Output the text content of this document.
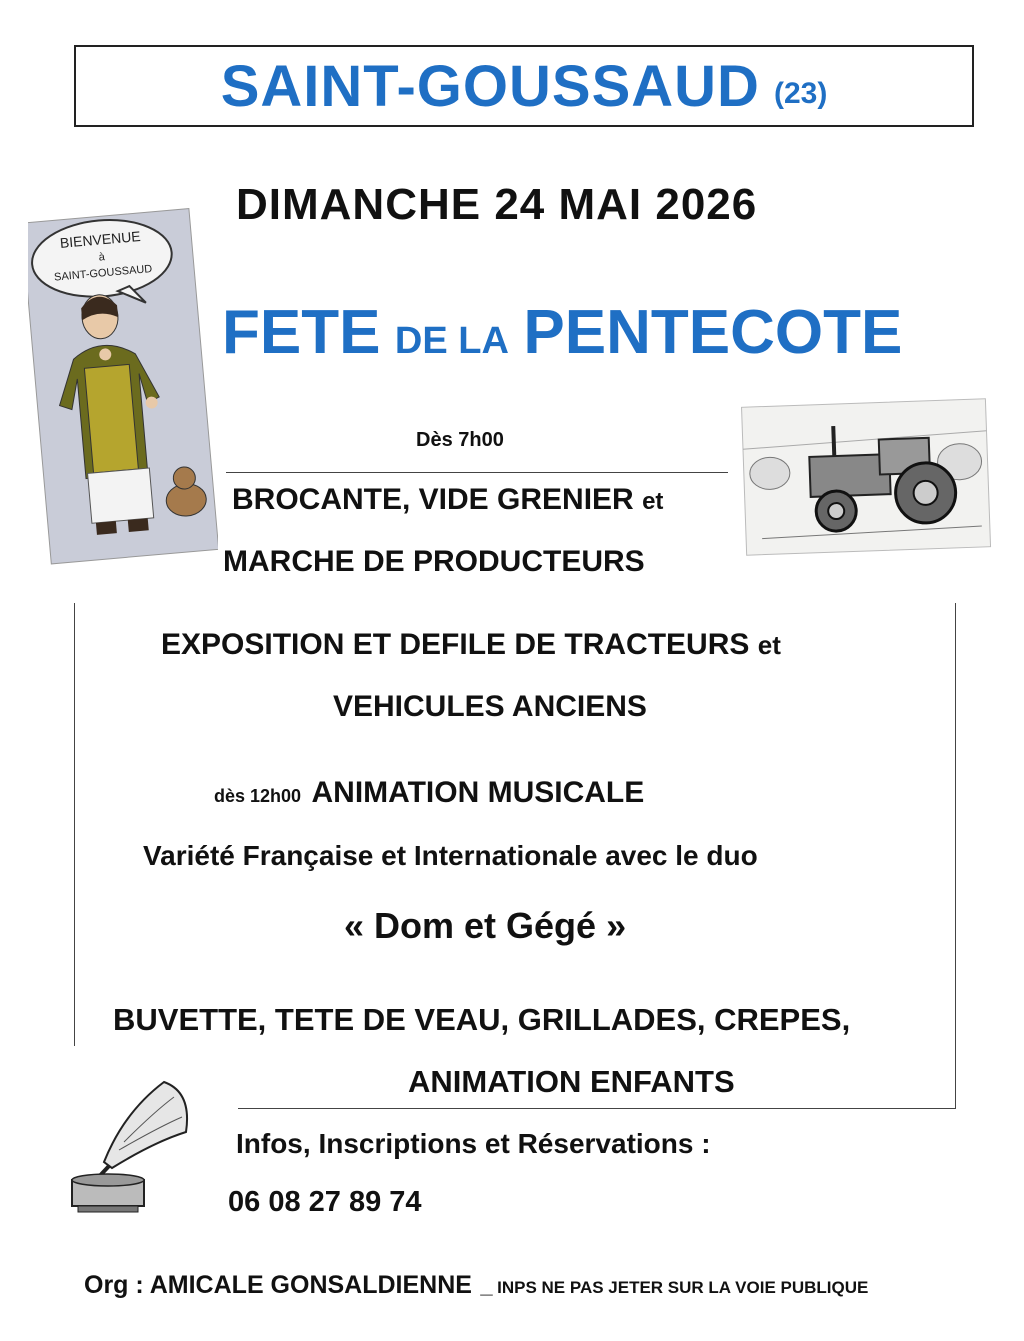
SAINT-GOUSSAUD (23)
DIMANCHE 24 MAI 2026
FETE DE LA PENTECOTE
BIENVENUE
à
SAINT-GOUSSAUD
Dès 7h00
BROCANTE, VIDE GRENIER et
MARCHE DE PRODUCTEURS
EXPOSITION ET DEFILE DE TRACTEURS et
VEHICULES ANCIENS
dès 12h00 ANIMATION MUSICALE
Variété Française et Internationale avec le duo
« Dom et Gégé »
BUVETTE, TETE DE VEAU, GRILLADES, CREPES,
ANIMATION ENFANTS
Infos, Inscriptions et Réservations :
06 08 27 89 74
Org : AMICALE GONSALDIENNE _ INPS NE PAS JETER SUR LA VOIE PUBLIQUE
